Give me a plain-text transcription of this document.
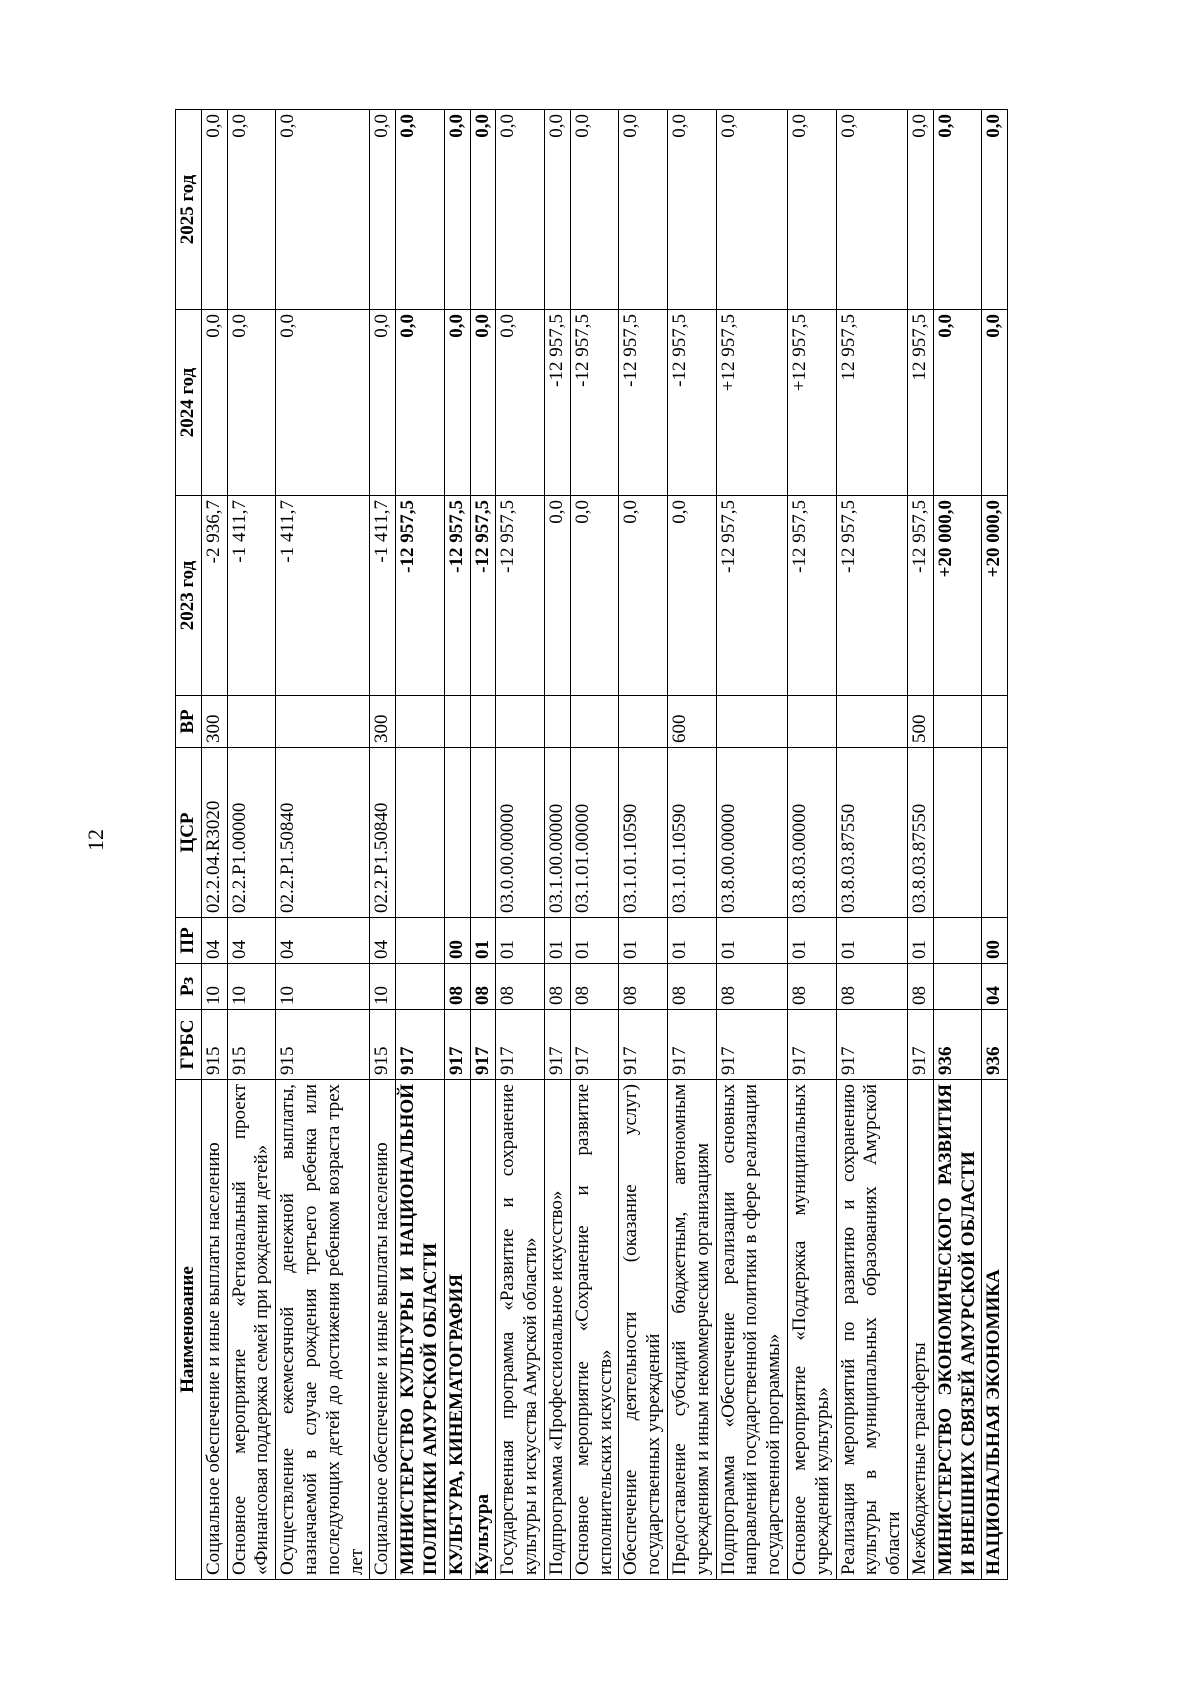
12
Наименование	ГРБС	Рз	ПР	ЦСР	ВР	2023 год	2024 год	2025 год
Социальное обеспечение и иные выплаты населению	915	10	04	02.2.04.R3020	300	-2 936,7	0,0	0,0
Основное мероприятие «Региональный проект «Финансовая поддержка семей при рождении детей»	915	10	04	02.2.P1.00000		-1 411,7	0,0	0,0
Осуществление ежемесячной денежной выплаты, назначаемой в случае рождения третьего ребенка или последующих детей до достижения ребенком возраста трех лет	915	10	04	02.2.P1.50840		-1 411,7	0,0	0,0
Социальное обеспечение и иные выплаты населению	915	10	04	02.2.P1.50840	300	-1 411,7	0,0	0,0
МИНИСТЕРСТВО КУЛЬТУРЫ И НАЦИОНАЛЬНОЙ ПОЛИТИКИ АМУРСКОЙ ОБЛАСТИ	917					-12 957,5	0,0	0,0
КУЛЬТУРА, КИНЕМАТОГРАФИЯ	917	08	00			-12 957,5	0,0	0,0
Культура	917	08	01			-12 957,5	0,0	0,0
Государственная программа «Развитие и сохранение культуры и искусства Амурской области»	917	08	01	03.0.00.00000		-12 957,5	0,0	0,0
Подпрограмма «Профессиональное искусство»	917	08	01	03.1.00.00000		0,0	-12 957,5	0,0
Основное мероприятие «Сохранение и развитие исполнительских искусств»	917	08	01	03.1.01.00000		0,0	-12 957,5	0,0
Обеспечение деятельности (оказание услуг) государственных учреждений	917	08	01	03.1.01.10590		0,0	-12 957,5	0,0
Предоставление субсидий бюджетным, автономным учреждениям и иным некоммерческим организациям	917	08	01	03.1.01.10590	600	0,0	-12 957,5	0,0
Подпрограмма «Обеспечение реализации основных направлений государственной политики в сфере реализации государственной программы»	917	08	01	03.8.00.00000		-12 957,5	+12 957,5	0,0
Основное мероприятие «Поддержка муниципальных учреждений культуры»	917	08	01	03.8.03.00000		-12 957,5	+12 957,5	0,0
Реализация мероприятий по развитию и сохранению культуры в муниципальных образованиях Амурской области	917	08	01	03.8.03.87550		-12 957,5	12 957,5	0,0
Межбюджетные трансферты	917	08	01	03.8.03.87550	500	-12 957,5	12 957,5	0,0
МИНИСТЕРСТВО ЭКОНОМИЧЕСКОГО РАЗВИТИЯ И ВНЕШНИХ СВЯЗЕЙ АМУРСКОЙ ОБЛАСТИ	936					+20 000,0	0,0	0,0
НАЦИОНАЛЬНАЯ ЭКОНОМИКА	936	04	00			+20 000,0	0,0	0,0
